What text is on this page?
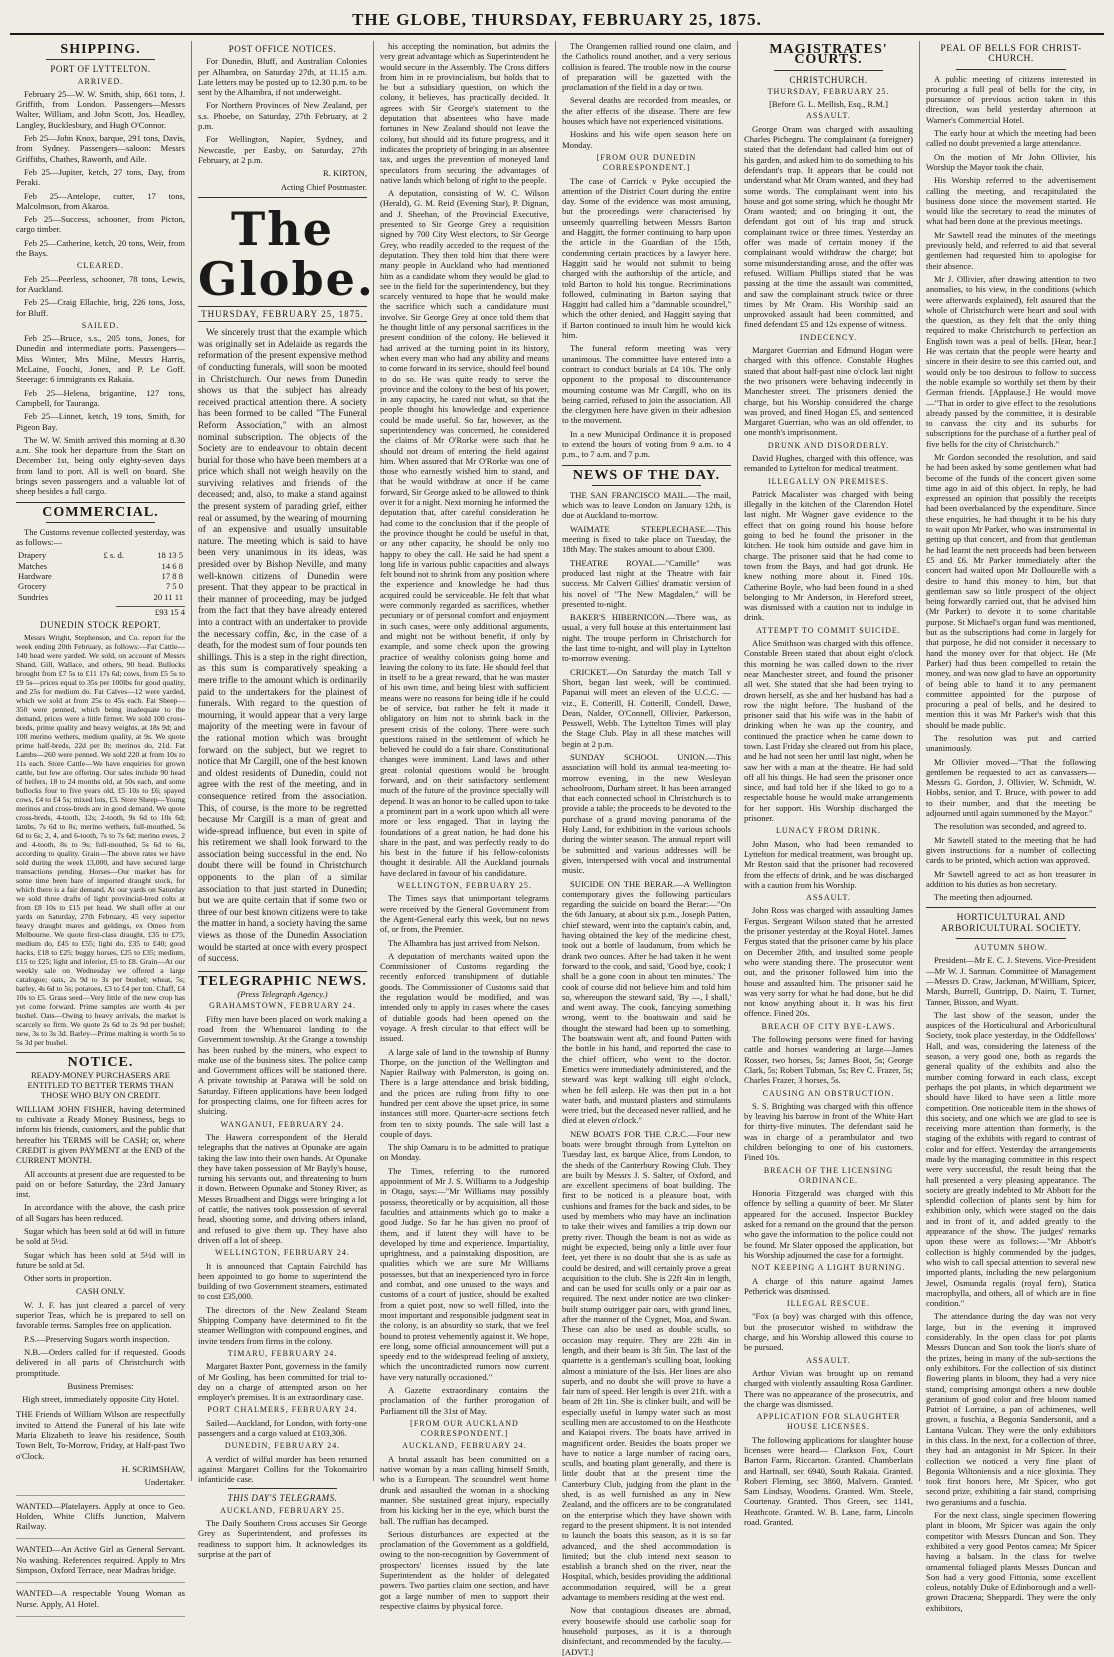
THE GLOBE, THURSDAY, FEBRUARY 25, 1875.
SHIPPING.
PORT OF LYTTELTON.
ARRIVED.

February 25—W. W. Smith, ship, 661 tons, J. Griffith, from London. Passengers—Messrs Walter, William, and John Scott, Jos. Headley, Langley, Bucklesbury, and Hugh O'Connor.

Feb 25—John Knox, barque, 291 tons, Davis, from Sydney. Passengers—saloon: Messrs Griffiths, Chathes, Raworth, and Aile.

Feb 25—Jupiter, ketch, 27 tons, Day, from Peraki.

Feb 25—Antelope, cutter, 17 tons, Malcolmson, from Akaroa.

Feb 25—Success, schooner, from Picton, cargo timber.

Feb 25—Catherine, ketch, 20 tons, Weir, from the Bays.

CLEARED.

Feb 25—Peerless, schooner, 78 tons, Lewis, for Auckland.

Feb 25—Craig Ellachie, brig, 226 tons, Joss, for Bluff.

SAILED.

Feb 25—Bruce, s.s., 205 tons, Jones, for Dunedin and intermediate ports. Passengers—Miss Winter, Mrs Milne, Messrs Harris, McLaine, Fouchi, Jones, and P. Le Goff. Steerage: 6 immigrants ex Rakaia.

Feb 25—Helena, brigantine, 127 tons, Campbell, for Tauranga.

Feb 25—Linnet, ketch, 19 tons, Smith, for Pigeon Bay.

The W. W. Smith arrived this morning at 8.30 a.m. She took her departure from the Start on December 1st, being only eighty-seven days from land to port. All is well on board. She brings seven passengers and a valuable lot of sheep besides a full cargo.

COMMERCIAL.

The Customs revenue collected yesterday, was as follows:—

Drapery	£ s. d.	18 13 5
Matches		14 6 8
Hardware		17 8 8
Grocery		7 5 0
Sundries		20 11 11
£93 15 4
DUNEDIN STOCK REPORT.

Messrs Wright, Stephenson, and Co. report for the week ending 20th February, as follows:—Fat Cattle—140 head were yarded. We sold, on account of Messrs Shand, Gill, Wallace, and others, 90 head. Bullocks brought from £7 5s to £11 17s 6d; cows, from £5 5s to £9 5s—prices equal to 35s per 100lbs for good quality, and 25s for medium do. Fat Calves—12 were yarded, which we sold at from 25s to 45s each. Fat Sheep—350 were penned, which being inadequate to the demand, prices were a little firmer. We sold 100 cross-breds, prime quality and heavy weights, at 18s 9d; and 100 merino wethers, medium quality, at 9s. We quote prime half-breds, 22d per lb; merinos do, 21d. Fat Lambs—260 were penned. We sold 220 at from 10s to 11s each. Store Cattle—We have enquiries for grown cattle, but few are offering. Our sales include 90 head of heifers, 18 to 24 months old, at 50s each, and some bullocks four to five years old, £5 10s to £6; spayed cows, £4 to £4 5s; mixed lots, £3. Store Sheep—Young merinos and cross-breds are in good demand. We quote cross-breds, 4-tooth, 12s; 2-tooth, 9s 6d to 10s 6d; lambs, 7s 6d to 8s; merino wethers, full-mouthed, 5s 6d to 6s; 2, 4, and 6-tooth, 7s to 7s 6d; merino ewes, 2 and 4-tooth, 8s to 9s; full-mouthed, 5s 6d to 6s, according to quality. Grain—The above rates we have sold during the week 13,000, and have secured large transactions pending. Horses—Our market has for some time been bare of imported draught stock, for which there is a fair demand. At our yards on Saturday we sold three drafts of light provincial-bred colts at from £8 10s to £15 per head. We shall offer at our yards on Saturday, 27th February, 45 very superior heavy draught mares and geldings, ex Omeo from Melbourne. We quote first-class draught, £35 to £75; medium do, £45 to £55; light do, £35 to £40; good hacks, £18 to £25; buggy horses, £25 to £35; medium, £15 to £25; light and inferior, £5 to £8. Grain—At our weekly sale on Wednesday we offered a large catalogue; oats, 2s 9d to 3s per bushel; wheat, 5s; barley, 4s 6d to 5s; potatoes, £3 to £4 per ton. Chaff, £4 10s to £5. Grass seed—Very little of the new crop has yet come forward. Prime samples are worth 4s per bushel. Oats—Owing to heavy arrivals, the market is scarcely so firm. We quote 2s 6d to 2s 9d per bushel; new, 3s to 3s 3d. Barley—Prime malting is worth 5s to 5s 3d per bushel.

NOTICE.

READY-MONEY PURCHASERS ARE ENTITLED TO BETTER TERMS THAN THOSE WHO BUY ON CREDIT.

WILLIAM JOHN FISHER, having determined to cultivate a Ready Money Business, begs to inform his friends, customers, and the public that hereafter his TERMS will be CASH; or, where CREDIT is given PAYMENT at the END of the CURRENT MONTH.

All accounts at present due are requested to be paid on or before Saturday, the 23rd January inst.

In accordance with the above, the cash price of all Sugars has been reduced.

Sugar which has been sold at 6d will in future be sold at 5½d.

Sugar which has been sold at 5½d will in future be sold at 5d.

Other sorts in proportion.

CASH ONLY.

W. J. F. has just cleared a parcel of very superior Teas, which he is prepared to sell on favorable terms. Samples free on application.

P.S.—Preserving Sugars worth inspection.

N.B.—Orders called for if requested. Goods delivered in all parts of Christchurch with promptitude.

Business Premises:

High street, immediately opposite City Hotel.

THE Friends of William Wilson are respectfully invited to Attend the Funeral of his late wife Maria Elizabeth to leave his residence, South Town Belt, To-Morrow, Friday, at Half-past Two o'Clock.

H. SCRIMSHAW,
Undertaker.

WANTED—Platelayers. Apply at once to Geo. Holden, White Cliffs Junction, Malvern Railway.

WANTED—An Active Girl as General Servant. No washing. References required. Apply to Mrs Simpson, Oxford Terrace, near Madras bridge.

WANTED—A respectable Young Woman as Nurse. Apply, A1 Hotel.

POST OFFICE NOTICES.

For Dunedin, Bluff, and Australian Colonies per Alhambra, on Saturday 27th, at 11.15 a.m. Late letters may be posted up to 12.30 p.m. to be sent by the Alhambra, if not underweight.

For Northern Provinces of New Zealand, per s.s. Phoebe, on Saturday, 27th February, at 2 p.m.

For Wellington, Napier, Sydney, and Newcastle, per Easby, on Saturday, 27th February, at 2 p.m.

R. KIRTON,
Acting Chief Postmaster.
The Globe.
THURSDAY, FEBRUARY 25, 1875.

We sincerely trust that the example which was originally set in Adelaide as regards the reformation of the present expensive method of conducting funerals, will soon be mooted in Christchurch. Our news from Dunedin shows us that the subject has already received practical attention there. A society has been formed to be called "The Funeral Reform Association," with an almost nominal subscription. The objects of the Society are to endeavour to obtain decent burial for those who have been members at a price which shall not weigh heavily on the surviving relatives and friends of the deceased; and, also, to make a stand against the present system of parading grief, either real or assumed, by the wearing of mourning of an expensive and usually unsuitable nature. The meeting which is said to have been very unanimous in its ideas, was presided over by Bishop Neville, and many well-known citizens of Dunedin were present. That they appear to be practical in their manner of proceeding, may be judged from the fact that they have already entered into a contract with an undertaker to provide the necessary coffin, &c, in the case of a death, for the modest sum of four pounds ten shillings. This is a step in the right direction, as this sum is comparatively speaking a mere trifle to the amount which is ordinarily paid to the undertakers for the plainest of funerals. With regard to the question of mourning, it would appear that a very large majority of the meeting were in favour of the rational motion which was brought forward on the subject, but we regret to notice that Mr Cargill, one of the best known and oldest residents of Dunedin, could not agree with the rest of the meeting, and in consequence retired from the association. This, of course, is the more to be regretted because Mr Cargill is a man of great and wide-spread influence, but even in spite of his retirement we shall look forward to the association being successful in the end. No doubt there will be found in Christchurch opponents to the plan of a similar association to that just started in Dunedin; but we are quite certain that if some two or three of our best known citizens were to take the matter in hand, a society having the same views as those of the Dunedin Association would be started at once with every prospect of success.

TELEGRAPHIC NEWS.
(Press Telegraph Agency.)
GRAHAMSTOWN, FEBRUARY 24.

Fifty men have been placed on work making a road from the Whenuaroi landing to the Government township. At the Grange a township has been rushed by the miners, who expect to make use of the business sites. The police camp and Government offices will be stationed there. A private township at Parawa will be sold on Saturday. Fifteen applications have been lodged for prospecting claims, one for fifteen acres for sluicing.

WANGANUI, FEBRUARY 24.

The Hawera correspondent of the Herald telegraphs that the natives at Opunake are again taking the law into their own hands. At Opunake they have taken possession of Mr Bayly's house, turning his servants out, and threatening to burn it down. Between Opunake and Stoney River, as Messrs Broadbent and Diggs were bringing a lot of cattle, the natives took possession of several head, shooting some, and driving others inland, and refused to give them up. They have also driven off a lot of sheep.

WELLINGTON, FEBRUARY 24.

It is announced that Captain Fairchild has been appointed to go home to superintend the building of two Government steamers, estimated to cost £35,000.

The directors of the New Zealand Steam Shipping Company have determined to fit the steamer Wellington with compound engines, and invite tenders from firms in the colony.

TIMARU, FEBRUARY 24.

Margaret Baxter Pont, governess in the family of Mr Gosling, has been committed for trial to-day on a charge of attempted arson on her employer's premises. It is an extraordinary case.

PORT CHALMERS, FEBRUARY 24.

Sailed—Auckland, for London, with forty-one passengers and a cargo valued at £103,306.

DUNEDIN, FEBRUARY 24.

A verdict of wilful murder has been returned against Margaret Collins for the Tokomairiro infanticide case.

THIS DAY'S TELEGRAMS.
AUCKLAND, FEBRUARY 25.

The Daily Southern Cross accuses Sir George Grey as Superintendent, and professes its readiness to support him. It acknowledges its surprise at the part of

his accepting the nomination, but admits the very great advantage which as Superintendent he would secure in the Assembly. The Cross differs from him in re provincialism, but holds that to be but a subsidiary question, on which the colony, it believes, has practically decided. It agrees with Sir George's statement to the deputation that absentees who have made fortunes in New Zealand should not leave the colony, but should aid its future progress, and it indicates the propriety of bringing in an absentee tax, and urges the prevention of moneyed land speculators from securing the advantages of native lands which belong of right to the people.

A deputation, consisting of W. C. Wilson (Herald), G. M. Reid (Evening Star), P. Dignan, and J. Sheehan, of the Provincial Executive, presented to Sir George Grey a requisition signed by 700 City West electors, to Sir George Grey, who readily acceded to the request of the deputation. They then told him that there were many people in Auckland who had mentioned him as a candidate whom they would be glad to see in the field for the superintendency, but they scarcely ventured to hope that he would make the sacrifice which such a candidature must involve. Sir George Grey at once told them that he thought little of any personal sacrifices in the present condition of the colony. He believed it had arrived at the turning point in its history, when every man who had any ability and means to come forward in its service, should feel bound to do so. He was quite ready to serve the province and the colony to the best of his power, in any capacity, he cared not what, so that the people thought his knowledge and experience could be made useful. So far, however, as the superintendency was concerned, he considered the claims of Mr O'Rorke were such that he should not dream of entering the field against him. When assured that Mr O'Rorke was one of those who earnestly wished him to stand, and that he would withdraw at once if he came forward, Sir George asked to be allowed to think over it for a night. Next morning he informed the deputation that, after careful consideration he had come to the conclusion that if the people of the province thought he could be useful in that, or any other capacity, he should be only too happy to obey the call. He said he had spent a long life in various public capacities and always felt bound not to shrink from any position where the experience and knowledge he had thus acquired could be serviceable. He felt that what were commonly regarded as sacrifices, whether pecuniary or of personal comfort and enjoyment in such cases, were only additional arguments, and might not be without benefit, if only by example, and some check upon the growing practice of wealthy colonists going home and leaving the colony to its fate. He should feel that in itself to be a great reward, that he was master of his own time, and being blest with sufficient means were no reasons for being idle if he could be of service, but rather he felt it made it obligatory on him not to shrink back in the present crisis of the colony. There were such questions raised in the settlement of which he believed he could do a fair share. Constitutional changes were imminent. Land laws and other great colonial questions would be brought forward, and on their satisfactory settlement much of the future of the province specially will depend. It was an honor to be called upon to take a prominent part in a work upon which all were more or less engaged. That in laying the foundations of a great nation, he had done his share in the past, and was perfectly ready to do his best in the future if his fellow-colonists thought it desirable. All the Auckland journals have declared in favour of his candidature.

WELLINGTON, FEBRUARY 25.

The Times says that unimportant telegrams were received by the General Government from the Agent-General early this week, but no news of, or from, the Premier.

The Alhambra has just arrived from Nelson.

A deputation of merchants waited upon the Commissioner of Customs regarding the recently enforced transhipment of dutiable goods. The Commissioner of Customs said that the regulation would be modified, and was intended only to apply in cases where the cases of dutiable goods had been opened on the voyage. A fresh circular to that effect will be issued.

A large sale of land in the township of Bunny Thorpe, on the junction of the Wellington and Napier Railway with Palmerston, is going on. There is a large attendance and brisk bidding, and the prices are ruling from fifty to one hundred per cent above the upset price, in some instances still more. Quarter-acre sections fetch from ten to sixty pounds. The sale will last a couple of days.

The ship Oamaru is to be admitted to pratique on Monday.

The Times, referring to the rumored appointment of Mr J. S. Williams to a Judgeship in Otago, says:—"Mr Williams may possibly possess, theoretically or by acquisition, all those faculties and attainments which go to make a good Judge. So far he has given no proof of them, and if latent they will have to be developed by time and experience. Impartiality, uprightness, and a painstaking disposition, are qualities which we are sure Mr Williams possesses, but that an inexperienced tyro in force and combat, and one unused to the ways and customs of a court of justice, should be exalted from a quiet post, now so well filled, into the most important and responsible judgment seat in the colony, is an absurdity so stark, that we feel bound to protest vehemently against it. We hope, ere long, some official announcement will put a speedy end to the widespread feeling of anxiety, which the uncontradicted rumors now current have very naturally occasioned."

A Gazette extraordinary contains the proclamation of the further prorogation of Parliament till the 31st of May.

[FROM OUR AUCKLAND CORRESPONDENT.]
AUCKLAND, FEBRUARY 24.

A brutal assault has been committed on a native woman by a man calling himself Smith, who is a European. The scoundrel went home drunk and assaulted the woman in a shocking manner. She sustained great injury, especially from his kicking her in the eye, which burst the ball. The ruffian has decamped.

Serious disturbances are expected at the proclamation of the Government as a goldfield, owing to the non-recognition by Government of prospectors' licenses issued by the late Superintendent as the holder of delegated powers. Two parties claim one section, and have got a large number of men to support their respective claims by physical force.

The Orangemen rallied round one claim, and the Catholics round another, and a very serious collision is feared. The trouble now in the course of preparation will be gazetted with the proclamation of the field in a day or two.

Several deaths are recorded from measles, or the after effects of the disease. There are few houses which have not experienced visitations.

Hoskins and his wife open season here on Monday.

[FROM OUR DUNEDIN CORRESPONDENT.]

The case of Carrick v Pyke occupied the attention of the District Court during the entire day. Some of the evidence was most amusing, but the proceedings were characterised by unseemly quarrelling between Messrs Barton and Haggitt, the former continuing to harp upon the article in the Guardian of the 15th, condemning certain practices by a lawyer here. Haggitt said he would not submit to being charged with the authorship of the article, and told Barton to hold his tongue. Recriminations followed, culminating in Barton saying that Haggitt had called him a "damnable scoundrel," which the other denied, and Haggitt saying that if Barton continued to insult him he would kick him.

The funeral reform meeting was very unanimous. The committee have entered into a contract to conduct burials at £4 10s. The only opponent to the proposal to discountenance mourning costume was Mr Cargill, who on its being carried, refused to join the association. All the clergymen here have given in their adhesion to the movement.

In a new Municipal Ordinance it is proposed to extend the hours of voting from 9 a.m. to 4 p.m., to 7 a.m. and 7 p.m.

NEWS OF THE DAY.

THE SAN FRANCISCO MAIL.—The mail, which was to leave London on January 12th, is due at Auckland to-morrow.

WAIMATE STEEPLECHASE.—This meeting is fixed to take place on Tuesday, the 18th May. The stakes amount to about £300.

THEATRE ROYAL.—"Camille" was produced last night at the Theatre with fair success. Mr Calvert Gillies' dramatic version of his novel of "The New Magdalen," will be presented to-night.

BAKER'S HIBERNICON.—There was, as usual, a very full house at this entertainment last night. The troupe perform in Christchurch for the last time to-night, and will play in Lyttelton to-morrow evening.

CRICKET.—On Saturday the match Tall v Short, began last week, will be continued. Papanui will meet an eleven of the U.C.C. —viz., E. Cotterill, H. Cotterill, Condell, Dawe, Dean, Nalder, O'Connell, Ollivier, Parkerson, Pesswell, Webb. The Lyttelton Times will play the Stage Club. Play in all these matches will begin at 2 p.m.

SUNDAY SCHOOL UNION.—This association will hold its annual tea-meeting to-morrow evening, in the new Wesleyan schoolroom, Durham street. It has been arranged that each connected school in Christchurch is to provide a table; the proceeds to be devoted to the purchase of a grand moving panorama of the Holy Land, for exhibition in the various schools during the winter season. The annual report will be submitted and various addresses will be given, interspersed with vocal and instrumental music.

SUICIDE ON THE BERAR.—A Wellington contemporary gives the following particulars regarding the suicide on board the Berar:—"On the 6th January, at about six p.m., Joseph Patten, chief steward, went into the captain's cabin, and, having obtained the key of the medicine chest, took out a bottle of laudanum, from which he drank two ounces. After he had taken it he went forward to the cook, and said, 'Good bye, cook; I shall be a gone coon in about ten minutes.' The cook of course did not believe him and told him so, whereupon the steward said, 'By —, I shall,' and went away. The cook, fancying something wrong, went to the boatswain and said he thought the steward had been up to something. The boatswain went aft, and found Patten with the bottle in his hand, and reported the case to the chief officer, who went to the doctor. Emetics were immediately administered, and the steward was kept walking till eight o'clock, when he fell asleep. He was then put in a hot water bath, and mustard plasters and stimulants were tried, but the deceased never rallied, and he died at eleven o'clock."

NEW BOATS FOR THE C.R.C.—Four new boats were brought through from Lyttelton on Tuesday last, ex barque Alice, from London, to the sheds of the Canterbury Rowing Club. They are built by Messrs J. S. Salter, of Oxford, and are excellent specimens of boat building. The first to be noticed is a pleasure boat, with cushions and frames for the back and sides, to be used by members who may have an inclination to take their wives and families a trip down our pretty river. Though the beam is not as wide as might be expected, being only a little over four feet, yet there is no doubt that she is as safe as could be desired, and will certainly prove a great acquisition to the club. She is 22ft 4in in length, and can be used for sculls only or a pair oar as required. The next under notice are two clinker-built stump outrigger pair oars, with grand lines, after the manner of the Cygnet, Moa, and Swan. These can also be used as double sculls, so occasion may require. They are 22ft 4in in length, and their beam is 3ft 5in. The last of the quartette is a gentleman's sculling boat, looking almost a miniature of the Isis. Her lines are also superb, and no doubt she will prove to have a fair turn of speed. Her length is over 21ft. with a beam of 2ft 1in. She is clinker built, and will be especially useful in lumpy water such as most sculling men are accustomed to on the Heathcote and Kaiapoi rivers. The boats have arrived in magnificent order. Besides the boats proper we have to notice a large number of racing oars, sculls, and boating plant generally, and there is little doubt that at the present time the Canterbury Club, judging from the plant in the shed, is as well furnished as any in New Zealand, and the officers are to be congratulated on the enterprise which they have shown with regard to the present shipment. It is not intended to launch the boats this season, as it is so far advanced, and the shed accommodation is limited; but the club intend next season to establish a branch shed on the river, near the Hospital, which, besides providing the additional accommodation required, will be a great advantage to members residing at the west end.

Now that contagious diseases are abroad, every housewife should use carbolic soap for household purposes, as it is a thorough disinfectant, and recommended by the faculty.—[ADVT.]

MAGISTRATES' COURTS.
CHRISTCHURCH.
THURSDAY, FEBRUARY 25.
[Before G. L. Mellish, Esq., R.M.]
ASSAULT.

George Oram was charged with assaulting Charles Pichegru. The complainant (a foreigner) stated that the defendant had called him out of his garden, and asked him to do something to his defendant's trap. It appears that he could not understand what Mr Oram wanted, and they had some words. The complainant went into his house and got some string, which he thought Mr Oram wanted; and on bringing it out, the defendant got out of his trap and struck complainant twice or three times. Yesterday an offer was made of certain money if the complainant would withdraw the charge; but some misunderstanding arose, and the offer was refused. William Phillips stated that he was passing at the time the assault was committed, and saw the complainant struck twice or three times by Mr Oram. His Worship said an unprovoked assault had been committed, and fined defendant £5 and 12s expense of witness.

INDECENCY.

Margaret Guerrian and Edmund Hogan were charged with this offence. Constable Hughes stated that about half-past nine o'clock last night the two prisoners were behaving indecently in Manchester street. The prisoners denied the charge, but his Worship considered the charge was proved, and fined Hogan £5, and sentenced Margaret Guerrian, who was an old offender, to one month's imprisonment.

DRUNK AND DISORDERLY.

David Hughes, charged with this offence, was remanded to Lyttelton for medical treatment.

ILLEGALLY ON PREMISES.

Patrick Macalister was charged with being illegally in the kitchen of the Clarendon Hotel last night. Mr Wagner gave evidence to the effect that on going round his house before going to bed he found the prisoner in the kitchen. He took him outside and gave him in charge. The prisoner said that he had come to town from the Bays, and had got drunk. He knew nothing more about it. Fined 10s. Catherine Boyle, who had been found in a shed belonging to Mr Anderson, in Hereford street, was dismissed with a caution not to indulge in drink.

ATTEMPT TO COMMIT SUICIDE.

Alice Smithson was charged with this offence. Constable Breen stated that about eight o'clock this morning he was called down to the river near Manchester street, and found the prisoner all wet. She stated that she had been trying to drown herself, as she and her husband has had a row the night before. The husband of the prisoner said that his wife was in the habit of drinking when he was up the country, and continued the practice when he came down to town. Last Friday she cleared out from his place, and he had not seen her until last night, when he saw her with a man at the theatre. He had sold off all his things. He had seen the prisoner once since, and had told her if she liked to go to a respectable house he would make arrangements for her support. His Worship discharged the prisoner.

LUNACY FROM DRINK.

John Mason, who had been remanded to Lyttelton for medical treatment, was brought up. Mr Reston said that the prisoner had recovered from the effects of drink, and he was discharged with a caution from his Worship.

ASSAULT.

John Ross was charged with assaulting James Fergus. Sergeant Wilson stated that he arrested the prisoner yesterday at the Royal Hotel. James Fergus stated that the prisoner came by his place on December 28th, and insulted some people who were standing there. The prosecutor went out, and the prisoner followed him into the house and assaulted him. The prisoner said he was very sorry for what he had done, but he did not know anything about it. It was his first offence. Fined 20s.

BREACH OF CITY BYE-LAWS.

The following persons were fined for having cattle and horses wandering at large—James Rosser, two horses, 5s; James Boot, 5s; George Clark, 5s; Robert Tubman, 5s; Rev C. Frazer, 5s; Charles Frazer, 3 horses, 5s.

CAUSING AN OBSTRUCTION.

S. S. Brighting was charged with this offence by leaving his barrow in front of the White Hart for thirty-five minutes. The defendant said he was in charge of a perambulator and two children belonging to one of his customers. Fined 10s.

BREACH OF THE LICENSING ORDINANCE.

Honoria Fitzgerald was charged with this offence by selling a quantity of beer. Mr Slater appeared for the accused. Inspector Buckley asked for a remand on the ground that the person who gave the information to the police could not be found. Mr Slater opposed the application, but his Worship adjourned the case for a fortnight.

NOT KEEPING A LIGHT BURNING.

A charge of this nature against James Petherick was dismissed.

ILLEGAL RESCUE.

"Fox (a boy) was charged with this offence, but the prosecutor wished to withdraw the charge, and his Worship allowed this course to be pursued.

ASSAULT.

Arthur Vivian was brought up on remand charged with violently assaulting Rosa Gardiner. There was no appearance of the prosecutrix, and the charge was dismissed.

APPLICATION FOR SLAUGHTER HOUSE LICENSES.

The following applications for slaughter house licenses were heard— Clarkson Fox, Court Barton Farm, Riccarton. Granted. Chamberlain and Hartnall, sec 6940, South Rakaia. Granted. Robert Fleming, sec 3860, Malvern. Granted. Sam Lindsay, Woodens. Granted. Wm. Steele, Courtenay. Granted. Thos Green, sec 1141, Heathcote. Granted. W. B. Lane, farm, Lincoln road. Granted.

PEAL OF BELLS FOR CHRIST-CHURCH.

A public meeting of citizens interested in procuring a full peal of bells for the city, in pursuance of previous action taken in this direction, was held yesterday afternoon at Warner's Commercial Hotel.

The early hour at which the meeting had been called no doubt prevented a large attendance.

On the motion of Mr John Ollivier, his Worship the Mayor took the chair.

His Worship referred to the advertisement calling the meeting, and recapitulated the business done since the movement started. He would like the secretary to read the minutes of what had been done at the previous meetings.

Mr Sawtell read the minutes of the meetings previously held, and referred to aid that several gentlemen had requested him to apologise for their absence.

Mr J. Ollivier, after drawing attention to two anomalies, to his view, in the conditions (which were afterwards explained), felt assured that the whole of Christchurch were heart and soul with the question, as they felt that the only thing required to make Christchurch to perfection an English town was a peal of bells. [Hear, hear.] He was certain that the people were hearty and sincere in their desire to see this carried out, and would only be too desirous to follow to success the noble example so worthily set them by their German friends. [Applause.] He would move—"That in order to give effect to the resolutions already passed by the committee, it is desirable to canvass the city and its suburbs for subscriptions for the purchase of a further peal of five bells for the city of Christchurch."

Mr Gordon seconded the resolution, and said he had been asked by some gentlemen what had become of the funds of the concert given some time ago in aid of this object. In reply, he had expressed an opinion that possibly the receipts had been overbalanced by the expenditure. Since these enquiries, he had thought it to be his duty to wait upon Mr Parker, who was instrumental in getting up that concert, and from that gentleman he had learnt the nett proceeds had been between £5 and £6. Mr Parker immediately after the concert had waited upon Mr Dollourelle with a desire to hand this money to him, but that gentleman saw so little prospect of the object being forwardly carried out, that he advised him (Mr Parker) to devote it to some charitable purpose. St Michael's organ fund was mentioned, but as the subscriptions had come in largely for that purpose, he did not consider it necessary to hand the money over for that object. He (Mr Parker) had thus been compelled to retain the money, and was now glad to have an opportunity of being able to hand it to any permanent committee appointed for the purpose of procuring a peal of bells, and he desired to mention this it was Mr Parker's wish that this should be made public.

The resolution was put and carried unanimously.

Mr Ollivier moved—"That the following gentlemen be requested to act as canvassers—Messrs G. Gordon, J. Ollivier, W. Schmidt, W. Hobbs, senior, and T. Bruce, with power to add to their number, and that the meeting be adjourned until again summoned by the Mayor."

The resolution was seconded, and agreed to.

Mr Sawtell stated to the meeting that he had given instructions for a number of collecting cards to be printed, which action was approved.

Mr Sawtell agreed to act as hon treasurer in addition to his duties as hon secretary.

The meeting then adjourned.

HORTICULTURAL AND ARBORICULTURAL SOCIETY.
AUTUMN SHOW.

President—Mr E. C. J. Stevens. Vice-President—Mr W. J. Sarman. Committee of Management—Messrs D. Craw, Jackman, M'William, Spicer, Marsh, Burrell, Guntripp, D. Nairn, T. Turner, Tanner, Bisson, and Wyatt.

The last show of the season, under the auspices of the Horticultural and Arboricultural Society, took place yesterday, in the Oddfellows' Hall, and was, considering the lateness of the season, a very good one, both as regards the general quality of the exhibits and also the number coming forward in each class, except perhaps the pot plants, in which department we should have liked to have seen a little more competition. One noticeable item in the shows of this society, and one which we are glad to see is receiving more attention than formerly, is the staging of the exhibits with regard to contrast of color and for effect. Yesterday the arrangements made by the managing committee in this respect were very successful, the result being that the hall presented a very pleasing appearance. The society are greatly indebted to Mr Abbott for the splendid collection of plants sent by him for exhibition only, which were staged on the dais and in front of it, and added greatly to the appearance of the show. The judges' remarks upon these were as follows:—"Mr Abbott's collection is highly commended by the judges, who wish to call special attention to several new imported plants, including the new pelargonium Jewel, Osmunda regalis (royal fern), Statica macrophylla, and others, all of which are in fine condition."

The attendance during the day was not very large, but in the evening it improved considerably. In the open class for pot plants Messrs Duncan and Son took the lion's share of the prizes, being in many of the sub-sections the only exhibitors. For the collection of six distinct flowering plants in bloom, they had a very nice stand, comprising amongst others a new double geranium of good color and free bloom named Patriot of Lorraine, a pan of achimenes, well grown, a fuschia, a Begonia Sandersonii, and a Lantana Vulcan. They were the only exhibitors in this class. In the next, for a collection of three, they had an antagonist in Mr Spicer. In their collection we noticed a very fine plant of Begonia Wiltoniensis and a nice gloxinia. They took first honors here, Mr Spicer, who got second prize, exhibiting a fair stand, comprising two geraniums and a fuschia.

For the next class, single specimen flowering plant in bloom, Mr Spicer was again the only competitor with Messrs Duncan and Son. They exhibited a very good Pentos carnea; Mr Spicer having a balsam. In the class for twelve ornamental foliaged plants Messrs Duncan and Son had a very good Fittonia, some excellent coleus, notably Duke of Edinborough and a well-grown Dracæna; Sheppardi. They were the only exhibitors,
